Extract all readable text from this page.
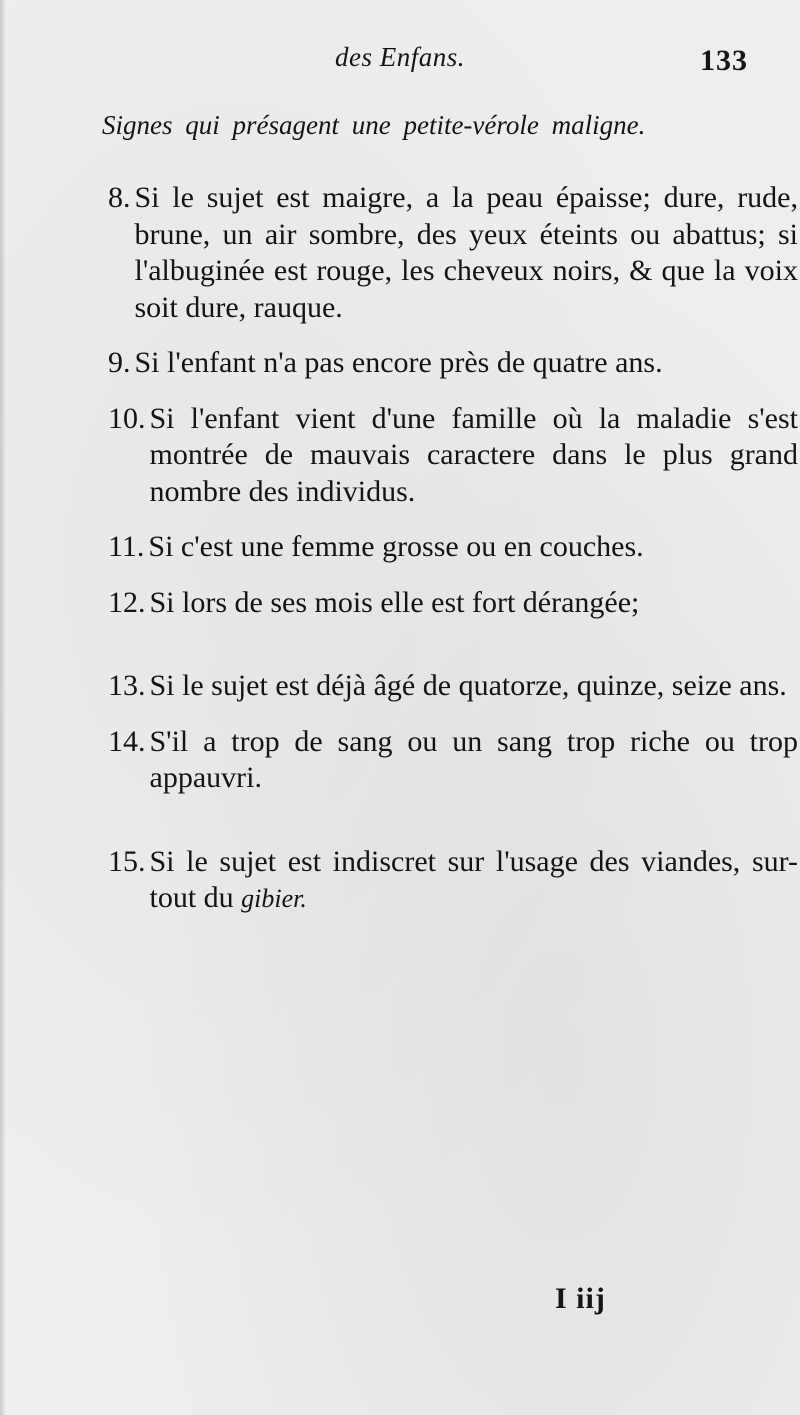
des Enfans.	133
Signes qui présagent une petite-vérole maligne.
8. Si le sujet est maigre, a la peau épaisse; dure, rude, brune, un air sombre, des yeux éteints ou abattus; si l'albuginée est rouge, les cheveux noirs, & que la voix soit dure, rauque.
9. Si l'enfant n'a pas encore près de quatre ans.
10. Si l'enfant vient d'une famille où la maladie s'est montrée de mauvais caractere dans le plus grand nombre des individus.
11. Si c'est une femme grosse ou en couches.
12. Si lors de ses mois elle est fort dérangée;
13. Si le sujet est déjà âgé de quatorze, quinze, seize ans.
14. S'il a trop de sang ou un sang trop riche ou trop appauvri.
15. Si le sujet est indiscret sur l'usage des viandes, sur-tout du gibier.
I iij
